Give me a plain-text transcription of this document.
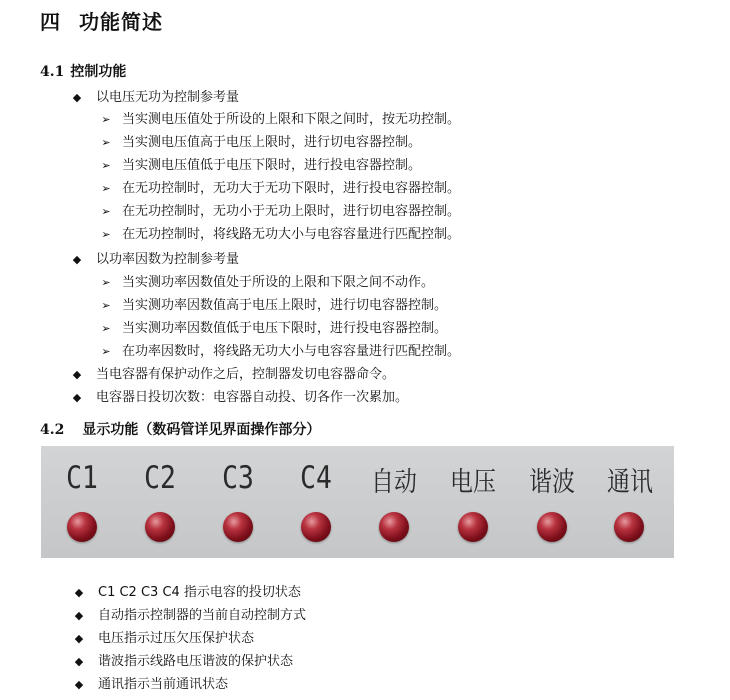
四 功能简述
4.1 控制功能
◆ 以电压无功为控制参考量
➢ 当实测电压值处于所设的上限和下限之间时，按无功控制。
➢ 当实测电压值高于电压上限时，进行切电容器控制。
➢ 当实测电压值低于电压下限时，进行投电容器控制。
➢ 在无功控制时，无功大于无功下限时，进行投电容器控制。
➢ 在无功控制时，无功小于无功上限时，进行切电容器控制。
➢ 在无功控制时，将线路无功大小与电容容量进行匹配控制。
◆ 以功率因数为控制参考量
➢ 当实测功率因数值处于所设的上限和下限之间不动作。
➢ 当实测功率因数值高于电压上限时，进行切电容器控制。
➢ 当实测功率因数值低于电压下限时，进行投电容器控制。
➢ 在功率因数时，将线路无功大小与电容容量进行匹配控制。
◆ 当电容器有保护动作之后，控制器发切电容器命令。
◆ 电容器日投切次数：电容器自动投、切各作一次累加。
4.2 显示功能（数码管详见界面操作部分）
C1	C2	C3	C4	自动	电压	谐波	通讯
◆ C1 C2 C3 C4 指示电容的投切状态
◆ 自动指示控制器的当前自动控制方式
◆ 电压指示过压欠压保护状态
◆ 谐波指示线路电压谐波的保护状态
◆ 通讯指示当前通讯状态
